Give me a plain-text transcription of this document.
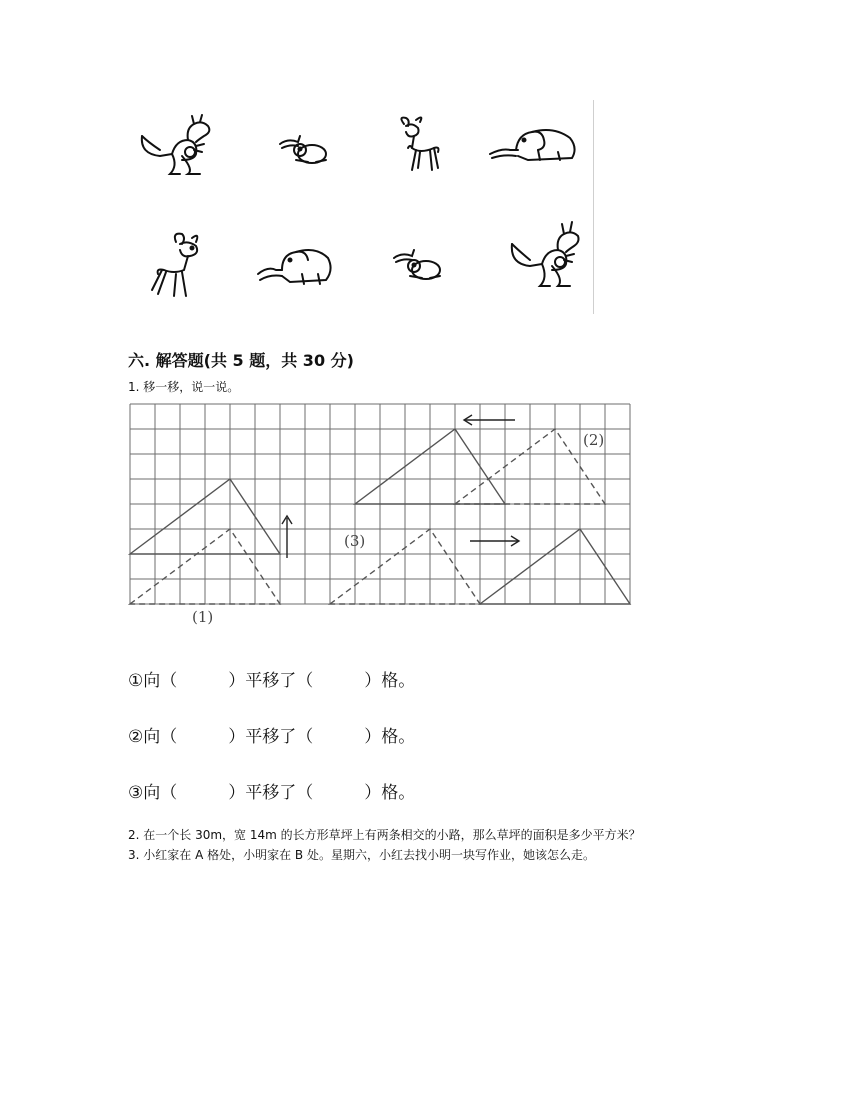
六. 解答题(共 5 题，共 30 分)
1. 移一移，说一说。
(1)
(2)
(3)
①向（　　　）平移了（　　　）格。
②向（　　　）平移了（　　　）格。
③向（　　　）平移了（　　　）格。
2. 在一个长 30m，宽 14m 的长方形草坪上有两条相交的小路，那么草坪的面积是多少平方米？
3. 小红家在 A 格处，小明家在 B 处。星期六，小红去找小明一块写作业，她该怎么走。
